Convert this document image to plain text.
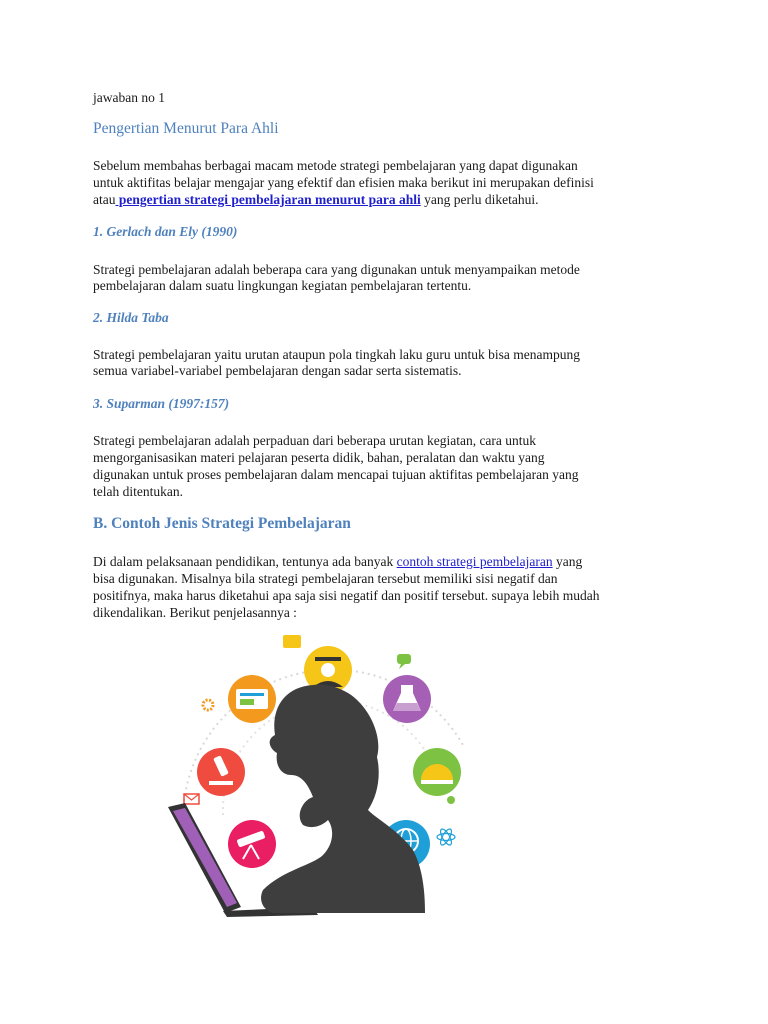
jawaban no 1
Pengertian Menurut Para Ahli
Sebelum membahas berbagai macam metode strategi pembelajaran yang dapat digunakan
untuk aktifitas belajar mengajar yang efektif dan efisien maka berikut ini merupakan definisi
atau pengertian strategi pembelajaran menurut para ahli yang perlu diketahui.
1. Gerlach dan Ely (1990)
Strategi pembelajaran adalah beberapa cara yang digunakan untuk menyampaikan metode
pembelajaran dalam suatu lingkungan kegiatan pembelajaran tertentu.
2. Hilda Taba
Strategi pembelajaran yaitu urutan ataupun pola tingkah laku guru untuk bisa menampung
semua variabel-variabel pembelajaran dengan sadar serta sistematis.
3. Suparman (1997:157)
Strategi pembelajaran adalah perpaduan dari beberapa urutan kegiatan, cara untuk
mengorganisasikan materi pelajaran peserta didik, bahan, peralatan dan waktu yang
digunakan untuk proses pembelajaran dalam mencapai tujuan aktifitas pembelajaran yang
telah ditentukan.
B. Contoh Jenis Strategi Pembelajaran
Di dalam pelaksanaan pendidikan, tentunya ada banyak contoh strategi pembelajaran yang
bisa digunakan. Misalnya bila strategi pembelajaran tersebut memiliki sisi negatif dan
positifnya, maka harus diketahui apa saja sisi negatif dan positif tersebut. supaya lebih mudah
dikendalikan. Berikut penjelasannya :
